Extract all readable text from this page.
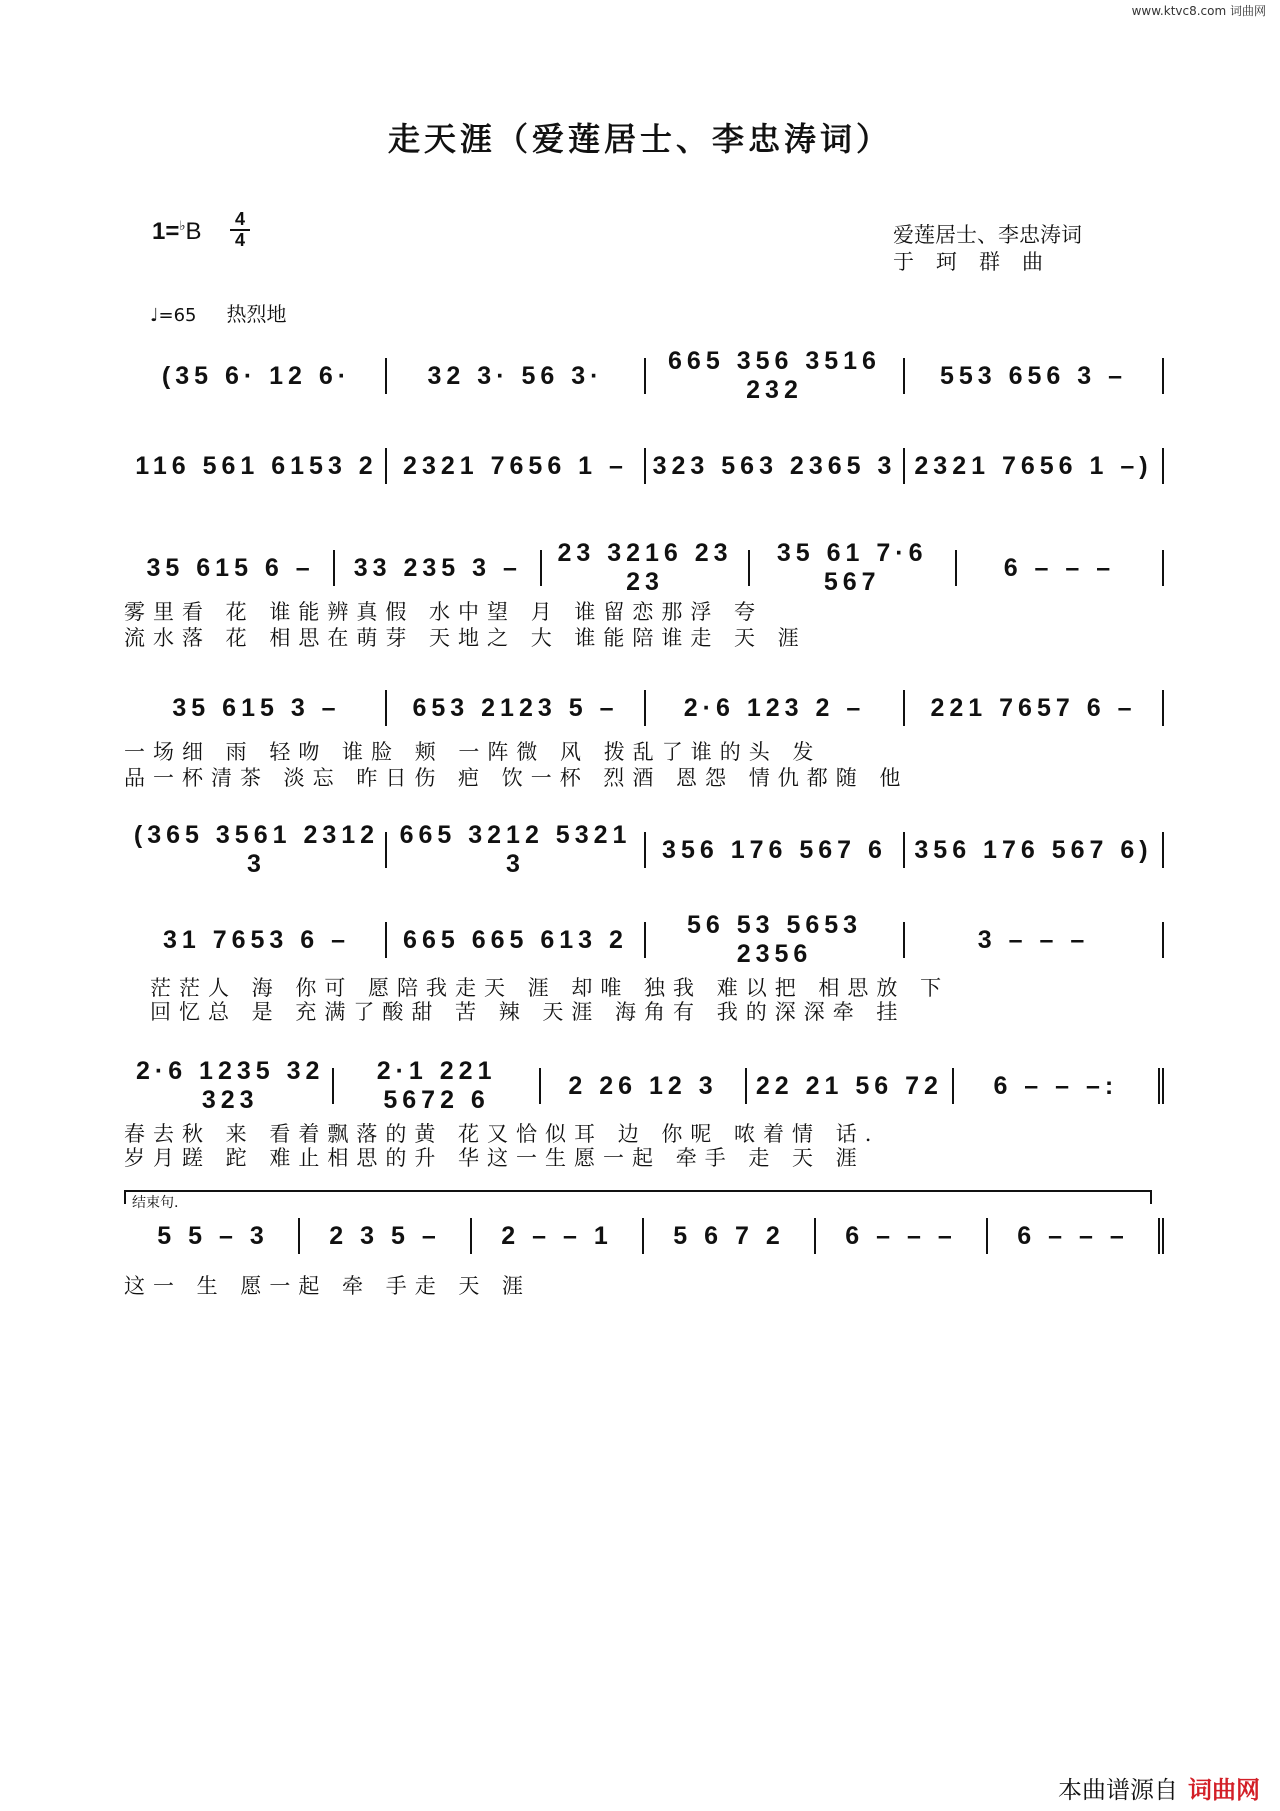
www.ktvc8.com 词曲网
走天涯（爱莲居士、李忠涛词）
1=♭B 4
4	爱莲居士、李忠涛词
于珂群曲
♩=65 热烈地
(35 6· 12 6·	32 3· 56 3·
665 356 3516 232
553 656 3 –
116 561 6153 2	2321 7656 1 – 323 563 2365 3 2321 7656 1 –)
35 615 6 –	33 235 3 –
23 3216 23 23
35 61 7·6 567
6 – – –
雾里看 花 谁能辨真假 水中望 月 谁留恋那浮 夸
流水落 花 相思在萌芽 天地之 大 谁能陪谁走 天 涯
35 615 3 –	653 2123 5 –	2·6 123 2 –	221 7657 6 –
一场细 雨 轻吻 谁脸 颊 一阵微 风 拨乱了谁的头 发
品一杯清茶 淡忘 昨日伤 疤 饮一杯 烈酒 恩怨 情仇都随 他
(365 3561 2312 3
665 3212 5321 3
356 176 567 6	356 176 567 6)
31 7653 6 –	665 665 613 2
56 53 5653 2356
3 – – –
茫茫人 海 你可 愿陪我走天 涯 却唯 独我 难以把 相思放 下
回忆总 是 充满了酸甜 苦 辣 天涯 海角有 我的深深牵 挂
2·6 1235 32 323
2·1 221 5672 6
2 26 12 3	22 21 56 72	6 – – –:
春去秋 来 看着飘落的黄 花又恰似耳 边 你呢 哝着情 话.
岁月蹉 跎 难止相思的升 华这一生愿一起 牵手 走 天 涯
结束句.
5 5 – 3	2 3 5 –	2 – – 1	5 6 7 2	6 – – –	6 – – –
这一 生 愿一起 牵 手走 天 涯
本曲谱源自 词曲网
